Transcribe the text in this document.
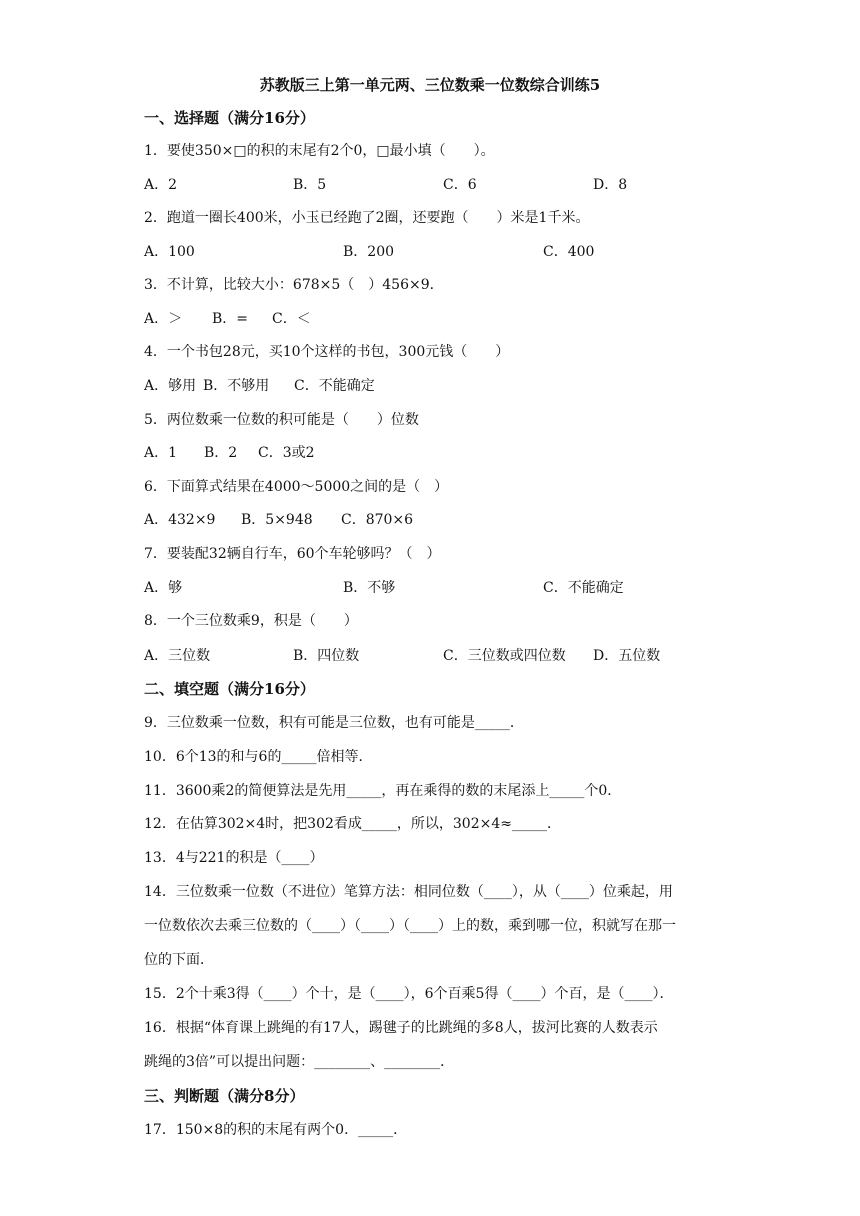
苏教版三上第一单元两、三位数乘一位数综合训练5
一、选择题（满分16分）
1．要使350×□的积的末尾有2个0，□最小填（　　）。
A．2	B．5	C．6	D．8
2．跑道一圈长400米，小玉已经跑了2圈，还要跑（　　）米是1千米。
A．100	B．200	C．400
3．不计算，比较大小：678×5（　）456×9．
A．＞ B．= C．＜
4．一个书包28元，买10个这样的书包，300元钱（　　）
A．够用 B．不够用 C．不能确定
5．两位数乘一位数的积可能是（　　）位数
A．1 B．2 C．3或2
6．下面算式结果在4000～5000之间的是（　）
A．432×9 B．5×948 C．870×6
7．要装配32辆自行车，60个车轮够吗？（　）
A．够	B．不够	C．不能确定
8．一个三位数乘9，积是（　　）
A．三位数	B．四位数	C．三位数或四位数 D．五位数
二、填空题（满分16分）
9．三位数乘一位数，积有可能是三位数，也有可能是_____．
10．6个13的和与6的_____倍相等．
11．3600乘2的简便算法是先用_____，再在乘得的数的末尾添上_____个0．
12．在估算302×4时，把302看成_____，所以，302×4≈_____．
13．4与221的积是（____）
14．三位数乘一位数（不进位）笔算方法：相同位数（____），从（____）位乘起，用
一位数依次去乘三位数的（____）（____）（____）上的数，乘到哪一位，积就写在那一
位的下面．
15．2个十乘3得（____）个十，是（____），6个百乘5得（____）个百，是（____）．
16．根据“体育课上跳绳的有17人，踢毽子的比跳绳的多8人，拔河比赛的人数表示
跳绳的3倍”可以提出问题：________、________．
三、判断题（满分8分）
17．150×8的积的末尾有两个0．_____．
